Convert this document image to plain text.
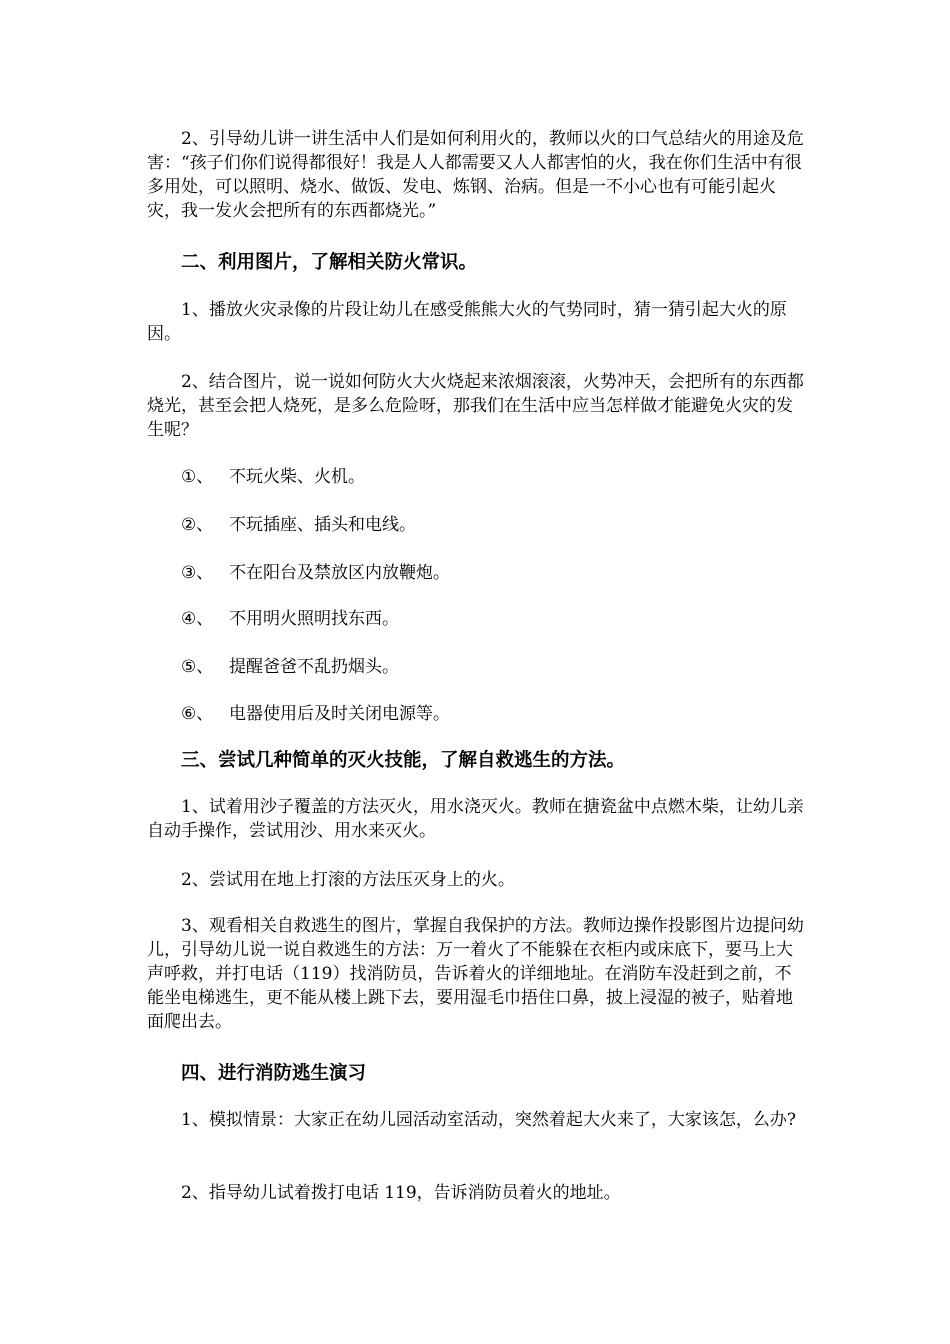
2、引导幼儿讲一讲生活中人们是如何利用火的，教师以火的口气总结火的用途及危害：“孩子们你们说得都很好！我是人人都需要又人人都害怕的火，我在你们生活中有很多用处，可以照明、烧水、做饭、发电、炼钢、治病。但是一不小心也有可能引起火灾，我一发火会把所有的东西都烧光。”

二、利用图片，了解相关防火常识。

1、播放火灾录像的片段让幼儿在感受熊熊大火的气势同时，猜一猜引起大火的原因。

2、结合图片，说一说如何防火大火烧起来浓烟滚滚，火势冲天，会把所有的东西都烧光，甚至会把人烧死，是多么危险呀，那我们在生活中应当怎样做才能避免火灾的发生呢？

①、 不玩火柴、火机。
②、 不玩插座、插头和电线。
③、 不在阳台及禁放区内放鞭炮。
④、 不用明火照明找东西。
⑤、 提醒爸爸不乱扔烟头。
⑥、 电器使用后及时关闭电源等。
三、尝试几种简单的灭火技能，了解自救逃生的方法。

1、试着用沙子覆盖的方法灭火，用水浇灭火。教师在搪瓷盆中点燃木柴，让幼儿亲自动手操作，尝试用沙、用水来灭火。

2、尝试用在地上打滚的方法压灭身上的火。

3、观看相关自救逃生的图片，掌握自我保护的方法。教师边操作投影图片边提问幼儿，引导幼儿说一说自救逃生的方法：万一着火了不能躲在衣柜内或床底下，要马上大声呼救，并打电话（119）找消防员，告诉着火的详细地址。在消防车没赶到之前，不能坐电梯逃生，更不能从楼上跳下去，要用湿毛巾捂住口鼻，披上浸湿的被子，贴着地面爬出去。

四、进行消防逃生演习

1、模拟情景：大家正在幼儿园活动室活动，突然着起大火来了，大家该怎，么办?

2、指导幼儿试着拨打电话 119，告诉消防员着火的地址。
